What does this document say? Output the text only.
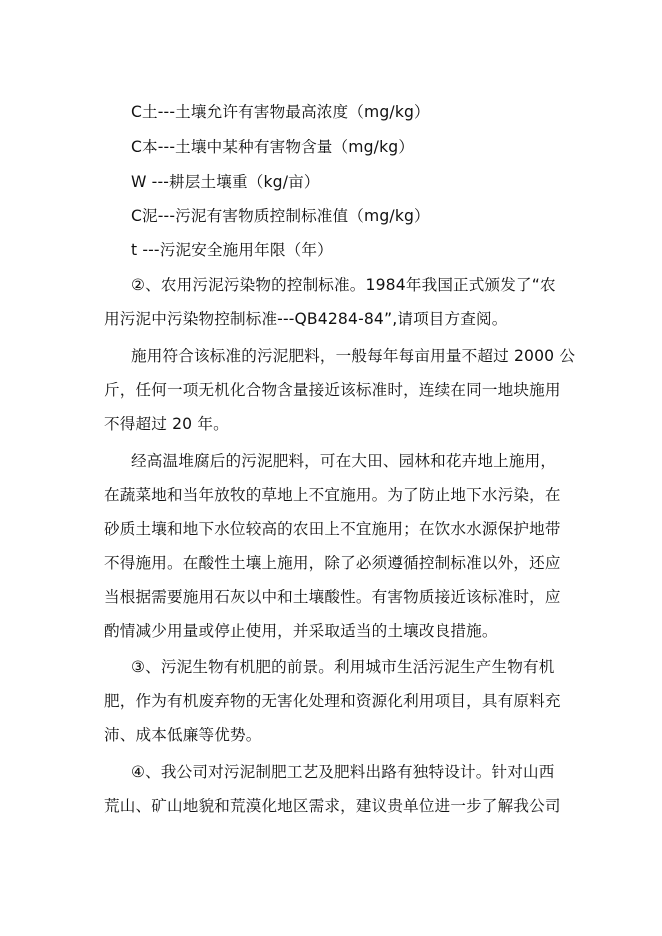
C土---土壤允许有害物最高浓度（mg/kg）
C本---土壤中某种有害物含量（mg/kg）
W ---耕层土壤重（kg/亩）
C泥---污泥有害物质控制标准值（mg/kg）
t ---污泥安全施用年限（年）
②、农用污泥污染物的控制标准。1984年我国正式颁发了“农
用污泥中污染物控制标准---QB4284-84”,请项目方查阅。
施用符合该标准的污泥肥料，一般每年每亩用量不超过 2000 公
斤，任何一项无机化合物含量接近该标准时，连续在同一地块施用
不得超过 20 年。
经高温堆腐后的污泥肥料，可在大田、园林和花卉地上施用，
在蔬菜地和当年放牧的草地上不宜施用。为了防止地下水污染，在
砂质土壤和地下水位较高的农田上不宜施用；在饮水水源保护地带
不得施用。在酸性土壤上施用，除了必须遵循控制标准以外，还应
当根据需要施用石灰以中和土壤酸性。有害物质接近该标准时，应
酌情减少用量或停止使用，并采取适当的土壤改良措施。
③、污泥生物有机肥的前景。利用城市生活污泥生产生物有机
肥，作为有机废弃物的无害化处理和资源化利用项目，具有原料充
沛、成本低廉等优势。
④、我公司对污泥制肥工艺及肥料出路有独特设计。针对山西
荒山、矿山地貌和荒漠化地区需求，建议贵单位进一步了解我公司
